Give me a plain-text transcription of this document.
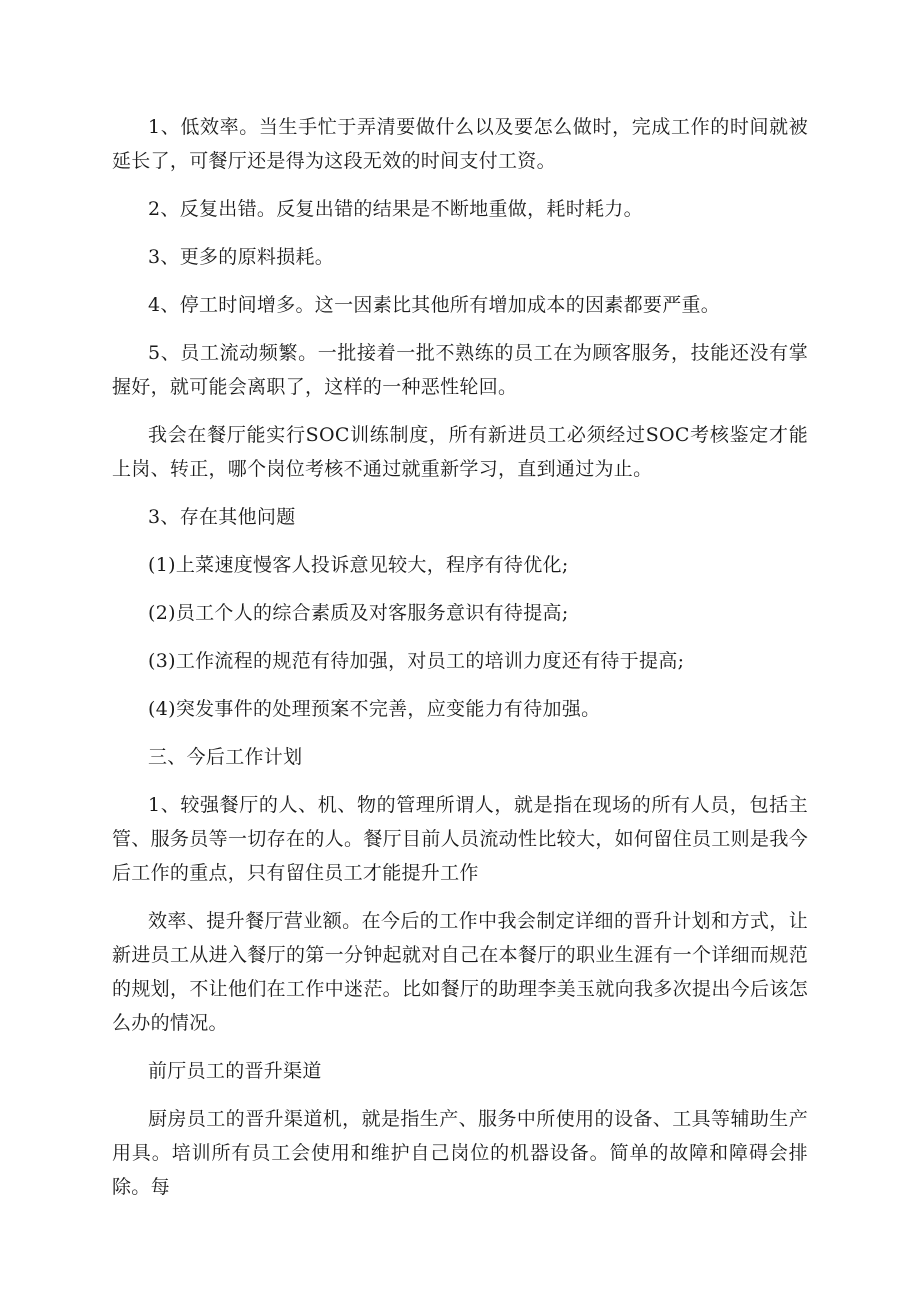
1、低效率。当生手忙于弄清要做什么以及要怎么做时，完成工作的时间就被延长了，可餐厅还是得为这段无效的时间支付工资。

2、反复出错。反复出错的结果是不断地重做，耗时耗力。

3、更多的原料损耗。

4、停工时间增多。这一因素比其他所有增加成本的因素都要严重。

5、员工流动频繁。一批接着一批不熟练的员工在为顾客服务，技能还没有掌握好，就可能会离职了，这样的一种恶性轮回。

我会在餐厅能实行SOC训练制度，所有新进员工必须经过SOC考核鉴定才能上岗、转正，哪个岗位考核不通过就重新学习，直到通过为止。

3、存在其他问题

(1)上菜速度慢客人投诉意见较大，程序有待优化;

(2)员工个人的综合素质及对客服务意识有待提高;

(3)工作流程的规范有待加强，对员工的培训力度还有待于提高;

(4)突发事件的处理预案不完善，应变能力有待加强。

三、今后工作计划

1、较强餐厅的人、机、物的管理所谓人，就是指在现场的所有人员，包括主管、服务员等一切存在的人。餐厅目前人员流动性比较大，如何留住员工则是我今后工作的重点，只有留住员工才能提升工作

效率、提升餐厅营业额。在今后的工作中我会制定详细的晋升计划和方式，让新进员工从进入餐厅的第一分钟起就对自己在本餐厅的职业生涯有一个详细而规范的规划，不让他们在工作中迷茫。比如餐厅的助理李美玉就向我多次提出今后该怎么办的情况。

前厅员工的晋升渠道

厨房员工的晋升渠道机，就是指生产、服务中所使用的设备、工具等辅助生产用具。培训所有员工会使用和维护自己岗位的机器设备。简单的故障和障碍会排除。每
